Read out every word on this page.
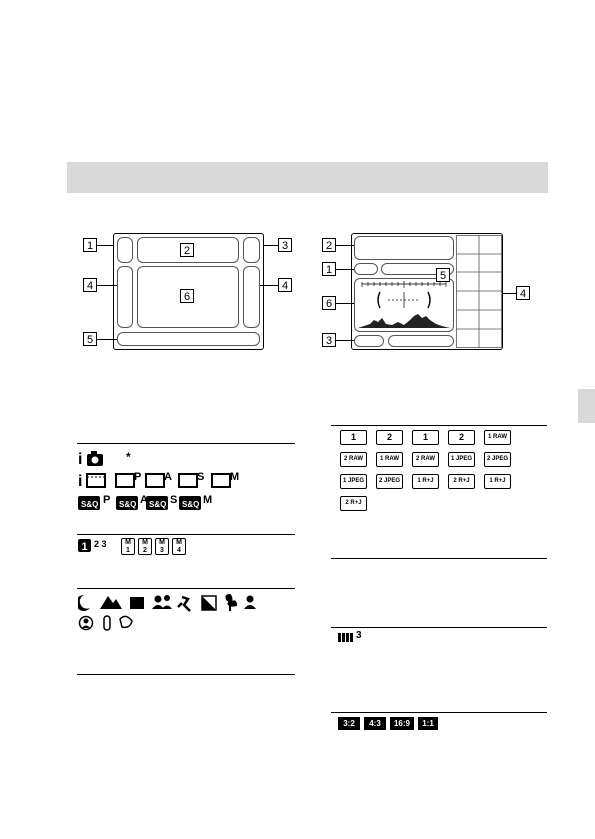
1	2	3
4	4
5
6
2
1	5
6
4
3
i	*
i
S&Q	S&Q S&Q S&Q
P A S M
P	A S M
1 2 3	M
1
M
2
M
3
M
4
1	2	1	2	1 RAW
2 RAW	1 RAW	2 RAW	1 JPEG	2 JPEG
1 JPEG	2 JPEG	1 R+J	2 R+J	1 R+J
2 R+J
3
3:2	4:3	16:9	1:1
